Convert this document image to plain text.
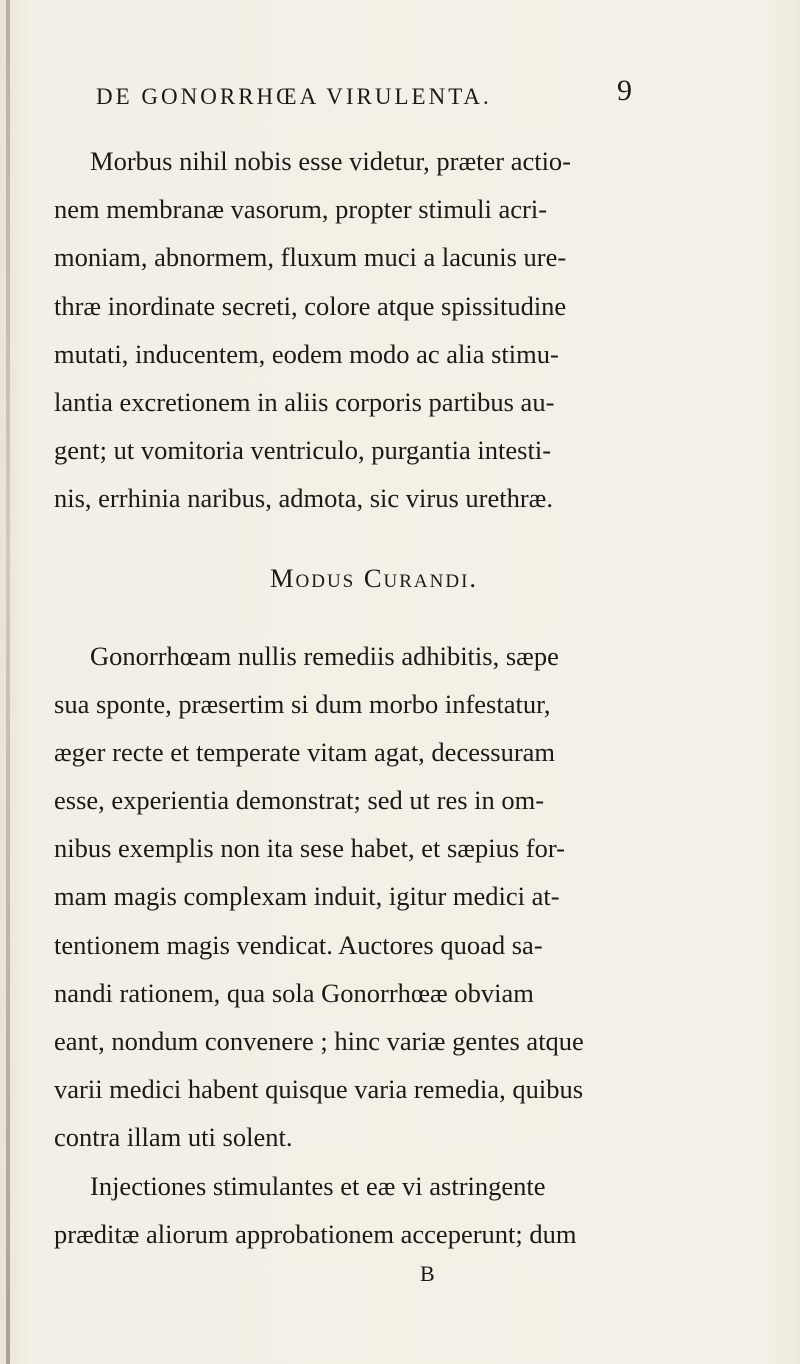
DE GONORRHŒA VIRULENTA.	9
Morbus nihil nobis esse videtur, præter actio-
nem membranæ vasorum, propter stimuli acri-
moniam, abnormem, fluxum muci a lacunis ure-
thræ inordinate secreti, colore atque spissitudine
mutati, inducentem, eodem modo ac alia stimu-
lantia excretionem in aliis corporis partibus au-
gent; ut vomitoria ventriculo, purgantia intesti-
nis, errhinia naribus, admota, sic virus urethræ.
Modus Curandi.
Gonorrhœam nullis remediis adhibitis, sæpe
sua sponte, præsertim si dum morbo infestatur,
æger recte et temperate vitam agat, decessuram
esse, experientia demonstrat; sed ut res in om-
nibus exemplis non ita sese habet, et sæpius for-
mam magis complexam induit, igitur medici at-
tentionem magis vendicat. Auctores quoad sa-
nandi rationem, qua sola Gonorrhœæ obviam
eant, nondum convenere ; hinc variæ gentes atque
varii medici habent quisque varia remedia, quibus
contra illam uti solent.
Injectiones stimulantes et eæ vi astringente
præditæ aliorum approbationem acceperunt; dum
B
